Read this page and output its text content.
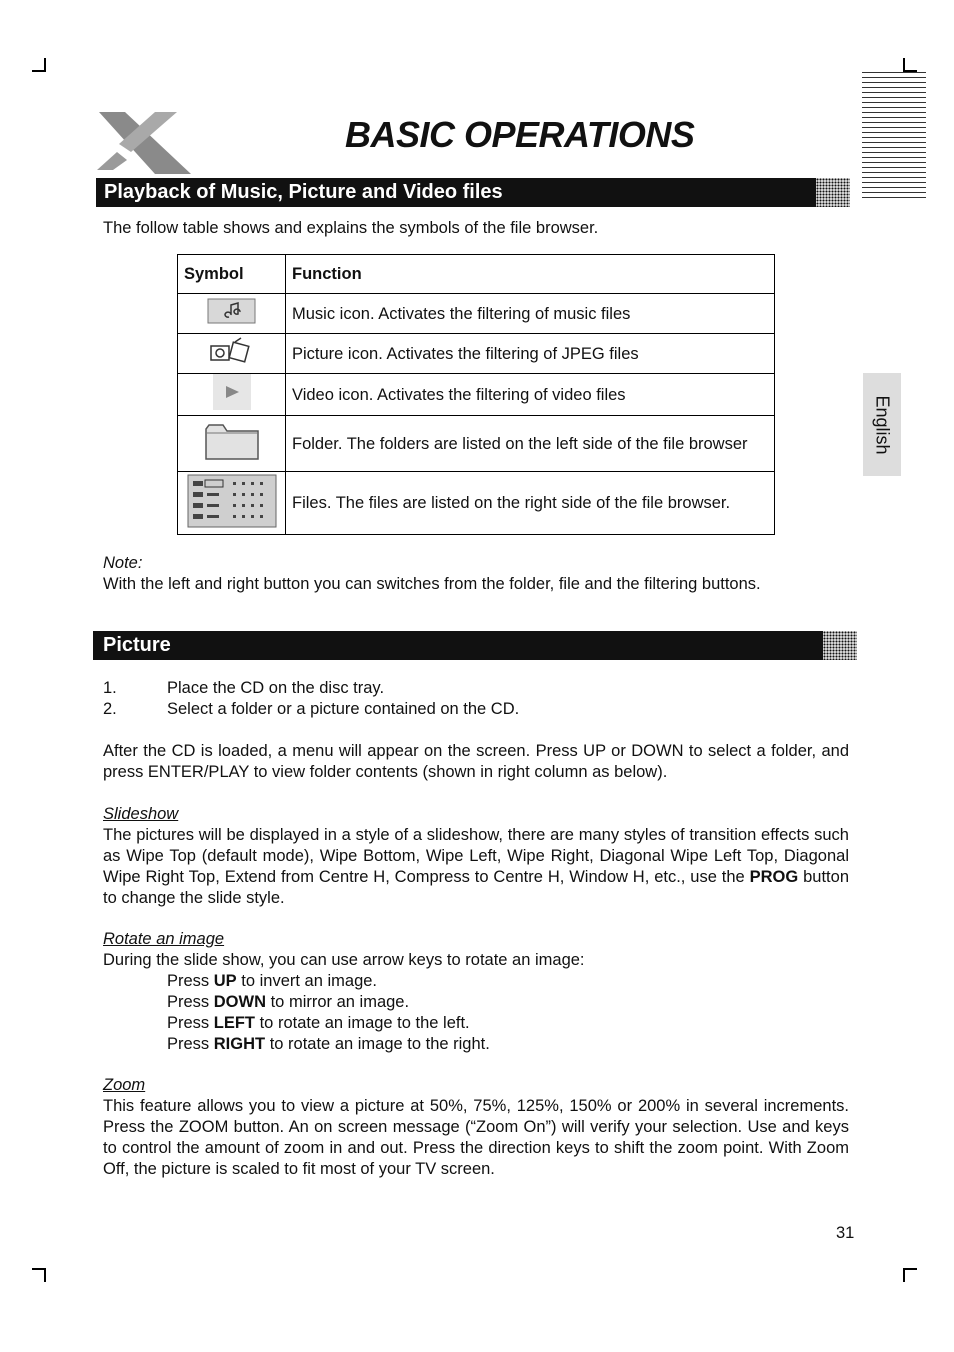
BASIC OPERATIONS
Playback of Music, Picture and Video files
The follow table shows and explains the symbols of the file browser.
Symbol	Function
	Music icon. Activates the filtering of music files
	Picture icon. Activates the filtering of JPEG files
	Video icon. Activates the filtering of video files
	Folder. The folders are listed on the left side of the file browser
	Files. The files are listed on the right side of the file browser.
English
Note:
With the left and right button you can switches from the folder, file and the filtering buttons.
Picture
1.	Place the CD on the disc tray.
2.	Select a folder or a picture contained on the CD.
After the CD is loaded, a menu will appear on the screen. Press UP or DOWN to select a folder, and press ENTER/PLAY to view folder contents (shown in right column as below).
Slideshow
The pictures will be displayed in a style of a slideshow, there are many styles of transition effects such as Wipe Top (default mode), Wipe Bottom, Wipe Left, Wipe Right, Diagonal Wipe Left Top, Diagonal Wipe Right Top, Extend from Centre H, Compress to Centre H, Window H, etc., use the PROG button to change the slide style.
Rotate an image
During the slide show, you can use arrow keys to rotate an image:
Press UP to invert an image.
Press DOWN to mirror an image.
Press LEFT to rotate an image to the left.
Press RIGHT to rotate an image to the right.
Zoom
This feature allows you to view a picture at 50%, 75%, 125%, 150% or 200% in several increments. Press the ZOOM button. An on screen message (“Zoom On”) will verify your selection. Use and keys to control the amount of zoom in and out. Press the direction keys to shift the zoom point. With Zoom Off, the picture is scaled to fit most of your TV screen.
31
